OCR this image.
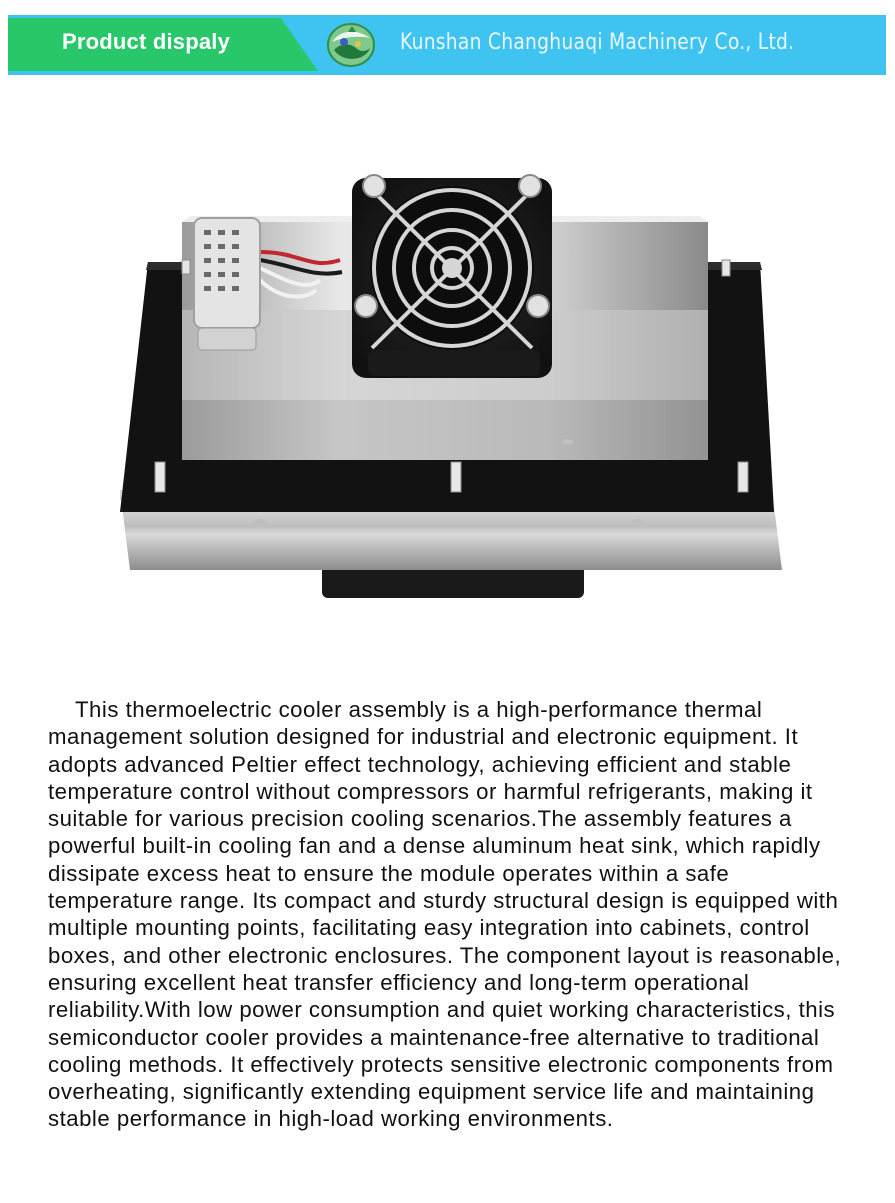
Product dispaly	Kunshan Changhuaqi Machinery Co., Ltd.

This thermoelectric cooler assembly is a high-performance thermal management solution designed for industrial and electronic equipment. It adopts advanced Peltier effect technology, achieving efficient and stable temperature control without compressors or harmful refrigerants, making it suitable for various precision cooling scenarios.The assembly features a powerful built-in cooling fan and a dense aluminum heat sink, which rapidly dissipate excess heat to ensure the module operates within a safe temperature range. Its compact and sturdy structural design is equipped with multiple mounting points, facilitating easy integration into cabinets, control boxes, and other electronic enclosures. The component layout is reasonable, ensuring excellent heat transfer efficiency and long-term operational reliability.With low power consumption and quiet working characteristics, this semiconductor cooler provides a maintenance-free alternative to traditional cooling methods. It effectively protects sensitive electronic components from overheating, significantly extending equipment service life and maintaining stable performance in high-load working environments.
